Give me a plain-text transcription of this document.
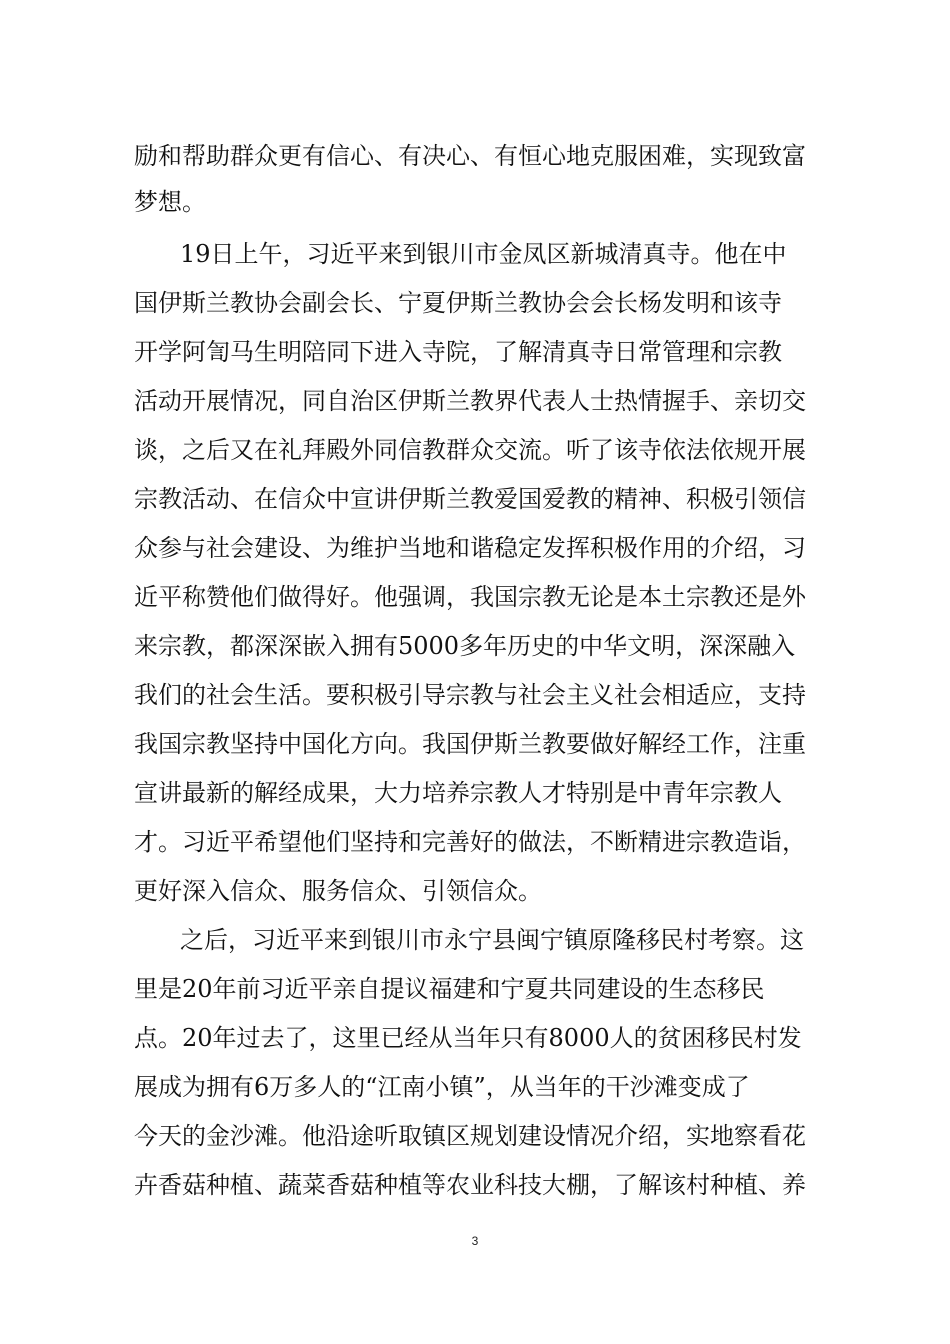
励和帮助群众更有信心、有决心、有恒心地克服困难，实现致富
梦想。
19日上午，习近平来到银川市金凤区新城清真寺。他在中
国伊斯兰教协会副会长、宁夏伊斯兰教协会会长杨发明和该寺
开学阿訇马生明陪同下进入寺院，了解清真寺日常管理和宗教
活动开展情况，同自治区伊斯兰教界代表人士热情握手、亲切交
谈，之后又在礼拜殿外同信教群众交流。听了该寺依法依规开展
宗教活动、在信众中宣讲伊斯兰教爱国爱教的精神、积极引领信
众参与社会建设、为维护当地和谐稳定发挥积极作用的介绍，习
近平称赞他们做得好。他强调，我国宗教无论是本土宗教还是外
来宗教，都深深嵌入拥有5000多年历史的中华文明，深深融入
我们的社会生活。要积极引导宗教与社会主义社会相适应，支持
我国宗教坚持中国化方向。我国伊斯兰教要做好解经工作，注重
宣讲最新的解经成果，大力培养宗教人才特别是中青年宗教人
才。习近平希望他们坚持和完善好的做法，不断精进宗教造诣，
更好深入信众、服务信众、引领信众。
之后，习近平来到银川市永宁县闽宁镇原隆移民村考察。这
里是20年前习近平亲自提议福建和宁夏共同建设的生态移民
点。20年过去了，这里已经从当年只有8000人的贫困移民村发
展成为拥有6万多人的“江南小镇”，从当年的干沙滩变成了
今天的金沙滩。他沿途听取镇区规划建设情况介绍，实地察看花
卉香菇种植、蔬菜香菇种植等农业科技大棚，了解该村种植、养
3
